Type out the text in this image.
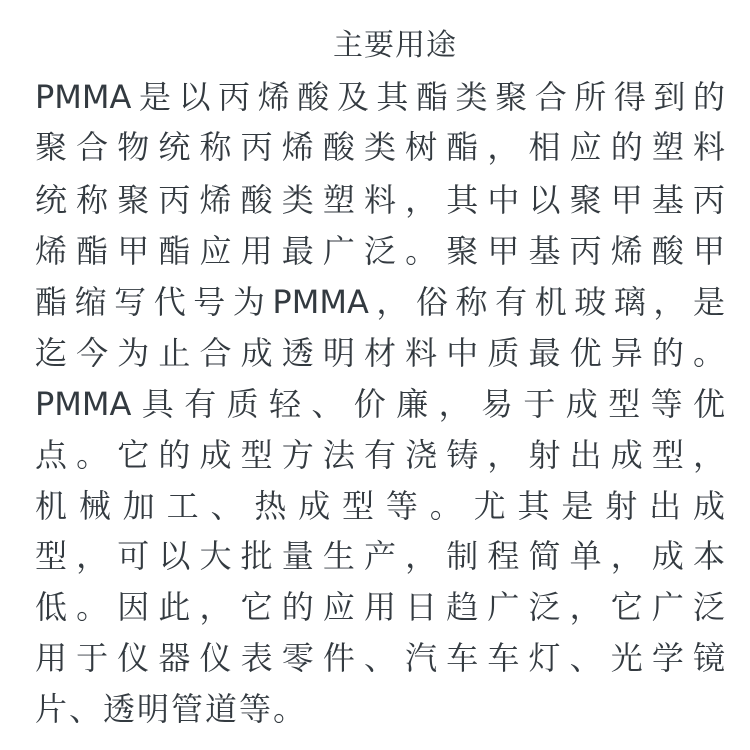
主要用途
PMMA是以丙烯酸及其酯类聚合所得到的
聚合物统称丙烯酸类树酯，相应的塑料
统称聚丙烯酸类塑料，其中以聚甲基丙
烯酯甲酯应用最广泛。聚甲基丙烯酸甲
酯缩写代号为PMMA，俗称有机玻璃，是
迄今为止合成透明材料中质最优异的。
PMMA具有质轻、价廉，易于成型等优
点。它的成型方法有浇铸，射出成型，
机械加工、热成型等。尤其是射出成
型，可以大批量生产，制程简单，成本
低。因此，它的应用日趋广泛，它广泛
用于仪器仪表零件、汽车车灯、光学镜
片、透明管道等。
